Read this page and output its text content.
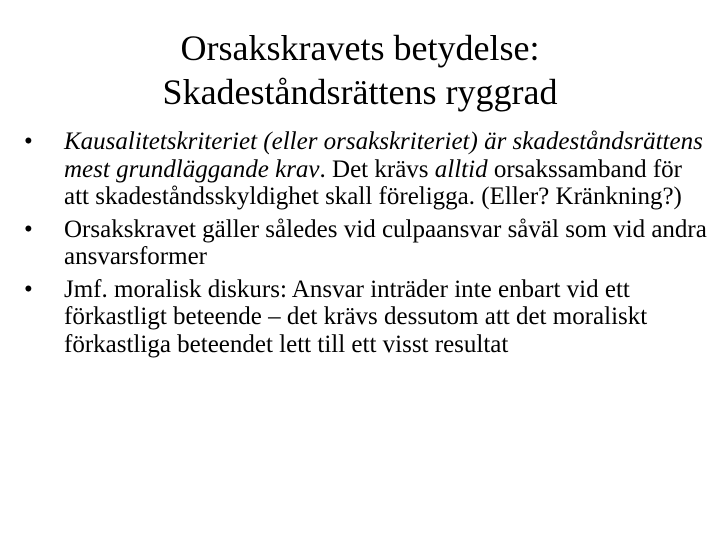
Orsakskravets betydelse:
Skadeståndsrättens ryggrad
• Kausalitetskriteriet (eller orsakskriteriet) är skadeståndsrättens mest grundläggande krav. Det krävs alltid orsakssamband för att skadeståndsskyldighet skall föreligga. (Eller? Kränkning?)
• Orsakskravet gäller således vid culpaansvar såväl som vid andra ansvarsformer
• Jmf. moralisk diskurs: Ansvar inträder inte enbart vid ett förkastligt beteende – det krävs dessutom att det moraliskt förkastliga beteendet lett till ett visst resultat
